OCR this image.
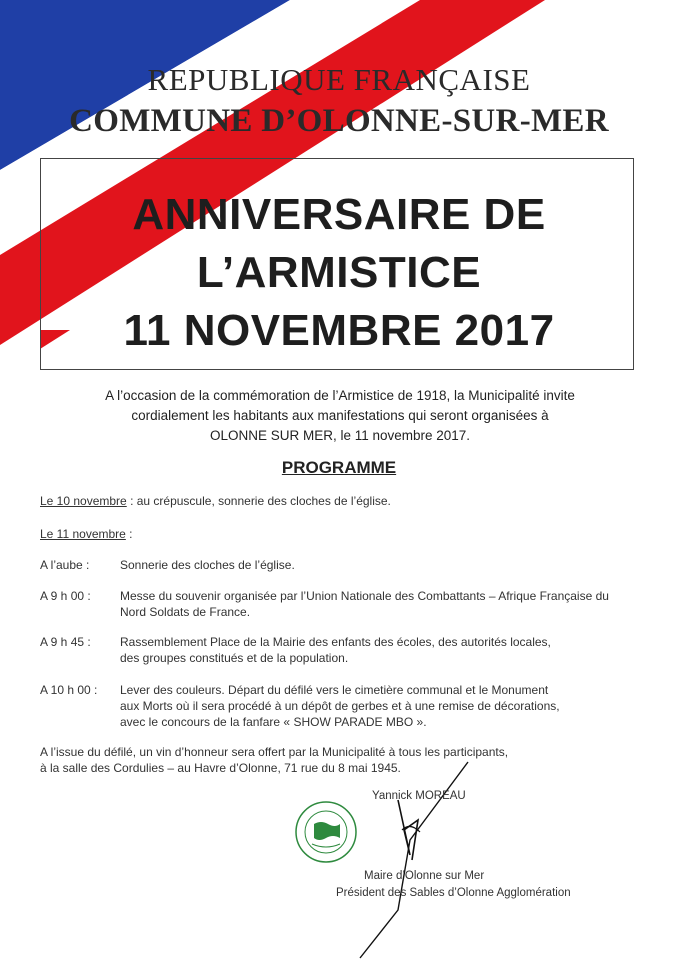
REPUBLIQUE FRANÇAISE
COMMUNE D’OLONNE-SUR-MER
ANNIVERSAIRE DE
L’ARMISTICE
11 NOVEMBRE 2017
A l’occasion de la commémoration de l’Armistice de 1918, la Municipalité invite
cordialement les habitants aux manifestations qui seront organisées à
OLONNE SUR MER, le 11 novembre 2017.
PROGRAMME
Le 10 novembre : au crépuscule, sonnerie des cloches de l’église.
Le 11 novembre :
A l’aube :	Sonnerie des cloches de l’église.
A 9 h 00 :	Messe du souvenir organisée par l’Union Nationale des Combattants – Afrique Française du
Nord Soldats de France.
A 9 h 45 :	Rassemblement Place de la Mairie des enfants des écoles, des autorités locales,
des groupes constitués et de la population.
A 10 h 00 :	Lever des couleurs. Départ du défilé vers le cimetière communal et le Monument
aux Morts où il sera procédé à un dépôt de gerbes et à une remise de décorations,
avec le concours de la fanfare « SHOW PARADE MBO ».
A l’issue du défilé, un vin d’honneur sera offert par la Municipalité à tous les participants,
à la salle des Cordulies – au Havre d’Olonne, 71 rue du 8 mai 1945.
Yannick MOREAU
Maire d’Olonne sur Mer
Président des Sables d’Olonne Agglomération
